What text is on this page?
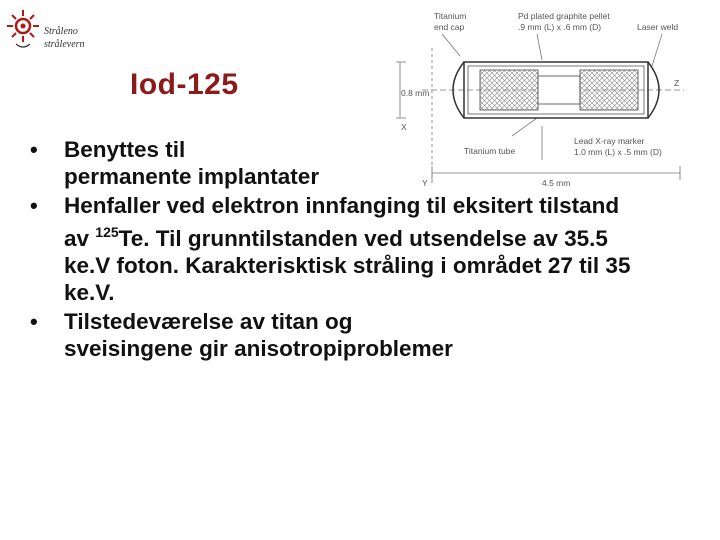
Stråleno
strålevern
Iod-125
Titanium
end cap
Pd plated graphite pellet
.9 mm (L) x .6 mm (D)	Laser weld
0.8 mm
X
Z
Y	4.5 mm
Titanium tube
Lead X-ray marker
1.0 mm (L) x .5 mm (D)
• Benyttes til
permanente implantater
• Henfaller ved elektron innfanging til eksitert tilstand av $^{125}$Te. Til grunntilstanden ved utsendelse av 35.5 ke.V foton. Karakterisktisk stråling i området 27 til 35 ke.V.
• Tilstedeværelse av titan og
sveisingene gir anisotropiproblemer
